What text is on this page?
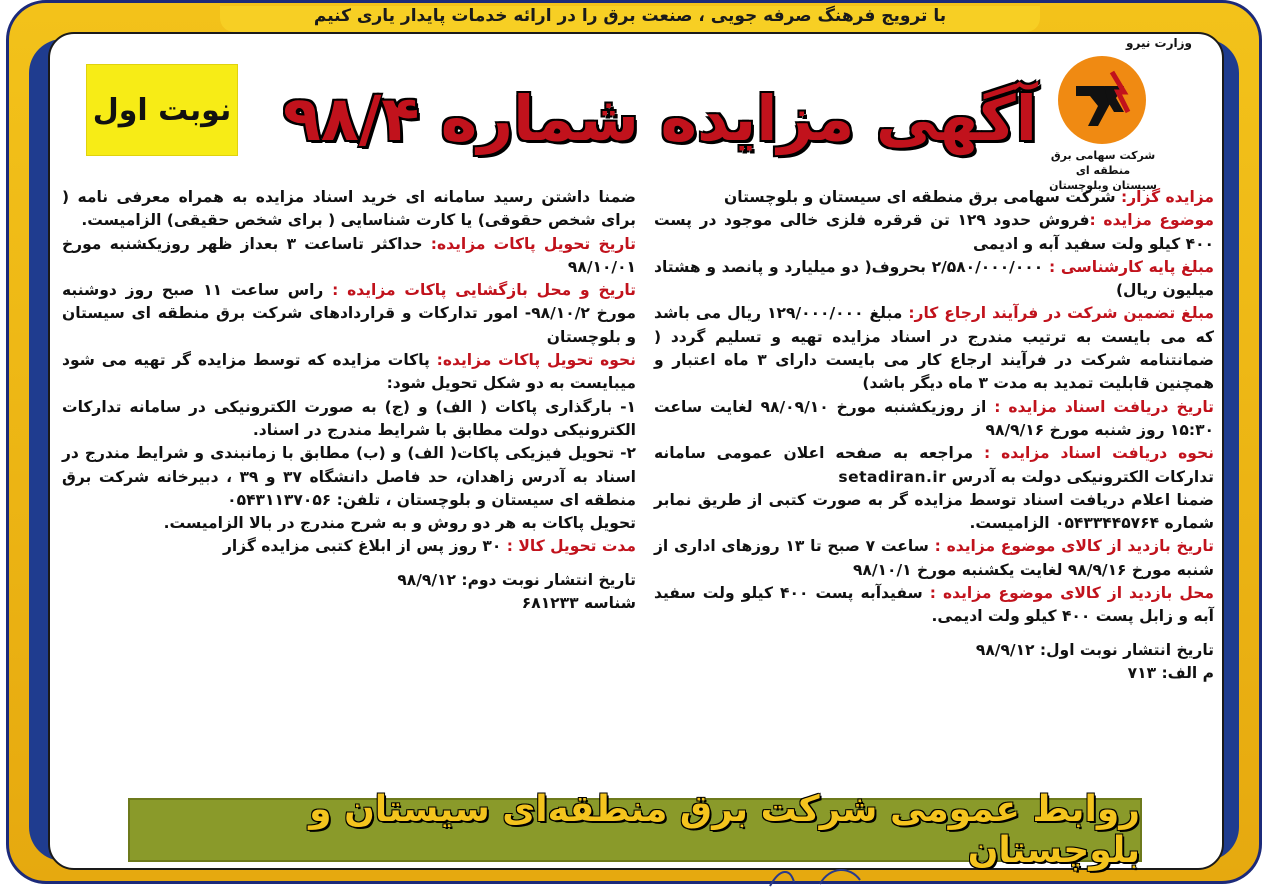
با ترویج فرهنگ صرفه جویی ، صنعت برق را در ارائه خدمات پایدار یاری کنیم
نوبت اول آگهی مزایده شماره ۹۸/۴
وزارت نیرو
شرکت سهامی برق منطقه ای
سیستان وبلوچستان

مزایده گزار: شرکت سهامی برق منطقه ای سیستان و بلوچستان

موضوع مزایده :فروش حدود ۱۲۹ تن قرقره فلزی خالی موجود در پست ۴۰۰ کیلو ولت سفید آبه و ادیمی

مبلغ پایه کارشناسی : ۲/۵۸۰/۰۰۰/۰۰۰ بحروف( دو میلیارد و پانصد و هشتاد میلیون ریال)

مبلغ تضمین شرکت در فرآیند ارجاع کار: مبلغ ۱۲۹/۰۰۰/۰۰۰ ریال می باشد که می بایست به ترتیب مندرج در اسناد مزایده تهیه و تسلیم گردد ( ضمانتنامه شرکت در فرآیند ارجاع کار می بایست دارای ۳ ماه اعتبار و همچنین قابلیت تمدید به مدت ۳ ماه دیگر باشد)

تاریخ دریافت اسناد مزایده : از روزیکشنبه مورخ ۹۸/۰۹/۱۰ لغایت ساعت ۱۵:۳۰ روز شنبه مورخ ۹۸/۹/۱۶

نحوه دریافت اسناد مزایده : مراجعه به صفحه اعلان عمومی سامانه تدارکات الکترونیکی دولت به آدرس setadiran.ir

ضمنا اعلام دریافت اسناد توسط مزایده گر به صورت کتبی از طریق نمابر شماره ۰۵۴۳۳۴۴۵۷۶۴ الزامیست.

تاریخ بازدید از کالای موضوع مزایده : ساعت ۷ صبح تا ۱۳ روزهای اداری از شنبه مورخ ۹۸/۹/۱۶ لغایت یکشنبه مورخ ۹۸/۱۰/۱

محل بازدید از کالای موضوع مزایده : سفیدآبه پست ۴۰۰ کیلو ولت سفید آبه و زابل پست ۴۰۰ کیلو ولت ادیمی.

تاریخ انتشار نوبت اول: ۹۸/۹/۱۲

م الف: ۷۱۳

ضمنا داشتن رسید سامانه ای خرید اسناد مزایده به همراه معرفی نامه ( برای شخص حقوقی) یا کارت شناسایی ( برای شخص حقیقی) الزامیست.

تاریخ تحویل پاکات مزایده: حداکثر تاساعت ۳ بعداز ظهر روزیکشنبه مورخ ۹۸/۱۰/۰۱

تاریخ و محل بازگشایی پاکات مزایده : راس ساعت ۱۱ صبح روز دوشنبه مورخ ۹۸/۱۰/۲- امور تدارکات و قراردادهای شرکت برق منطقه ای سیستان و بلوچستان

نحوه تحویل پاکات مزایده: پاکات مزایده که توسط مزایده گر تهیه می شود میبایست به دو شکل تحویل شود:

۱- بارگذاری پاکات ( الف) و (ج) به صورت الکترونیکی در سامانه تدارکات الکترونیکی دولت مطابق با شرایط مندرج در اسناد.

۲- تحویل فیزیکی پاکات( الف) و (ب) مطابق با زمانبندی و شرایط مندرج در اسناد به آدرس زاهدان، حد فاصل دانشگاه ۳۷ و ۳۹ ، دبیرخانه شرکت برق منطقه ای سیستان و بلوچستان ، تلفن: ۰۵۴۳۱۱۳۷۰۵۶

تحویل پاکات به هر دو روش و به شرح مندرج در بالا الزامیست.

مدت تحویل کالا : ۳۰ روز پس از ابلاغ کتبی مزایده گزار

تاریخ انتشار نوبت دوم: ۹۸/۹/۱۲

شناسه ۶۸۱۲۳۳

روابط عمومی شرکت برق منطقه‌ای سیستان و بلوچستان
